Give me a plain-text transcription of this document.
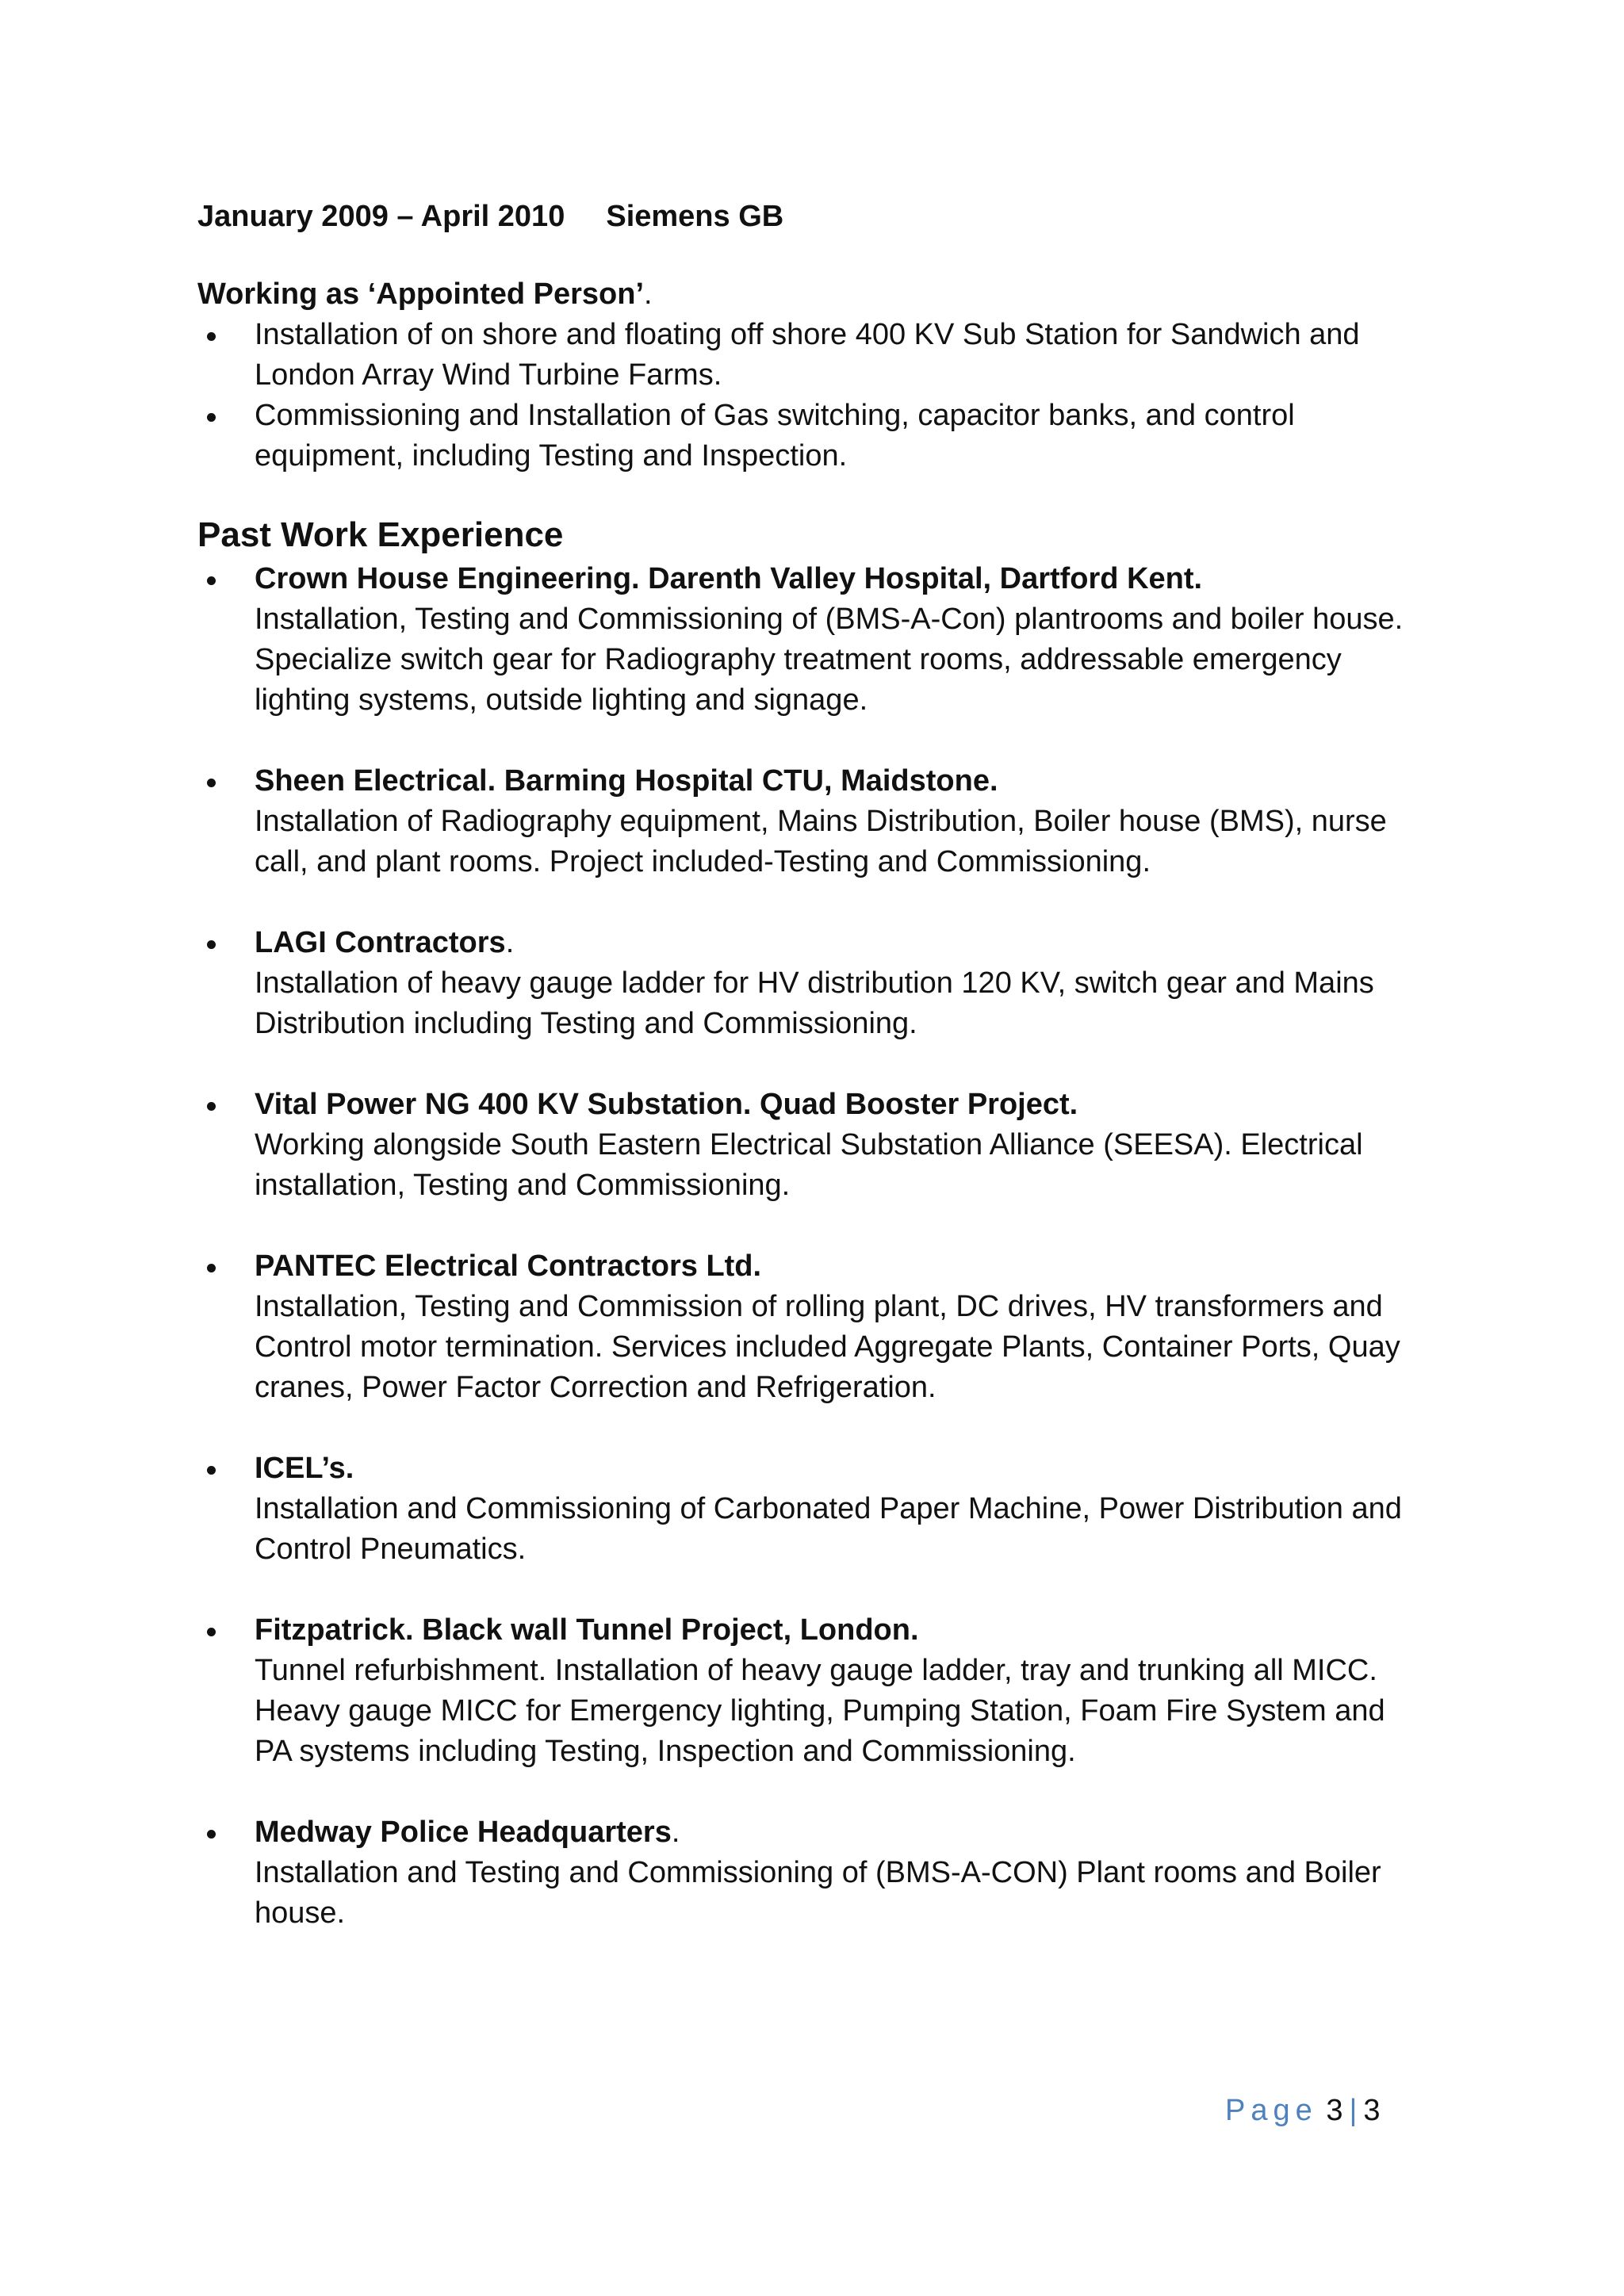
January 2009 – April 2010 Siemens GB

Working as ‘Appointed Person’.

Installation of on shore and floating off shore 400 KV Sub Station for Sandwich and London Array Wind Turbine Farms.
Commissioning and Installation of Gas switching, capacitor banks, and control equipment, including Testing and Inspection.
Past Work Experience
Crown House Engineering. Darenth Valley Hospital, Dartford Kent.
Installation, Testing and Commissioning of (BMS-A-Con) plantrooms and boiler house. Specialize switch gear for Radiography treatment rooms, addressable emergency lighting systems, outside lighting and signage.
Sheen Electrical. Barming Hospital CTU, Maidstone.
Installation of Radiography equipment, Mains Distribution, Boiler house (BMS), nurse call, and plant rooms. Project included-Testing and Commissioning.
LAGI Contractors.
Installation of heavy gauge ladder for HV distribution 120 KV, switch gear and Mains Distribution including Testing and Commissioning.
Vital Power NG 400 KV Substation. Quad Booster Project.
Working alongside South Eastern Electrical Substation Alliance (SEESA). Electrical installation, Testing and Commissioning.
PANTEC Electrical Contractors Ltd.
Installation, Testing and Commission of rolling plant, DC drives, HV transformers and Control motor termination. Services included Aggregate Plants, Container Ports, Quay cranes, Power Factor Correction and Refrigeration.
ICEL’s.
Installation and Commissioning of Carbonated Paper Machine, Power Distribution and Control Pneumatics.
Fitzpatrick. Black wall Tunnel Project, London.
Tunnel refurbishment. Installation of heavy gauge ladder, tray and trunking all MICC. Heavy gauge MICC for Emergency lighting, Pumping Station, Foam Fire System and PA systems including Testing, Inspection and Commissioning.
Medway Police Headquarters.
Installation and Testing and Commissioning of (BMS-A-CON) Plant rooms and Boiler house.
Page 3 | 3
